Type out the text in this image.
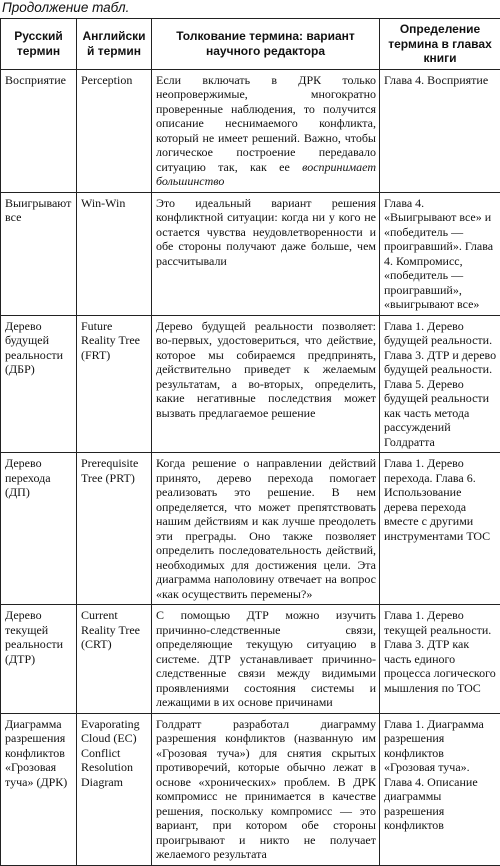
Продолжение табл.
Русский термин	Английский термин	Толкование термина: вариант научного редактора	Определение термина в главах книги
Восприятие	Perception	Если включать в ДРК только неопровержимые, многократно проверенные наблюдения, то получится описание неснимаемого конфликта, который не имеет решений. Важно, чтобы логическое построение передавало ситуацию так, как ее воспринимает большинство	Глава 4. Восприятие
Выигрывают все	Win-Win	Это идеальный вариант решения конфликтной ситуации: когда ни у кого не остается чувства неудовлетворенности и обе стороны получают даже больше, чем рассчитывали	Глава 4. «Выигрывают все» и «победитель — проигравший». Глава 4. Компромисс, «победитель — проигравший», «выигрывают все»
Дерево будущей реальности (ДБР)	Future Reality Tree (FRT)	Дерево будущей реальности позволяет: во-первых, удостовериться, что действие, которое мы собираемся предпринять, действительно приведет к желаемым результатам, а во-вторых, определить, какие негативные последствия может вызвать предлагаемое решение	Глава 1. Дерево будущей реальности. Глава 3. ДТР и дерево будущей реальности. Глава 5. Дерево будущей реальности как часть метода рассуждений Голдратта
Дерево перехода (ДП)	Prerequisite Tree (PRT)	Когда решение о направлении действий принято, дерево перехода помогает реализовать это решение. В нем определяется, что может препятствовать нашим действиям и как лучше преодолеть эти преграды. Оно также позволяет определить последовательность действий, необходимых для достижения цели. Эта диаграмма наполовину отвечает на вопрос «как осуществить перемены?»	Глава 1. Дерево перехода. Глава 6. Использование дерева перехода вместе с другими инструментами TOC
Дерево текущей реальности (ДТР)	Current Reality Tree (CRT)	С помощью ДТР можно изучить причинно-следственные связи, определяющие текущую ситуацию в системе. ДТР устанавливает причинно-следственные связи между видимыми проявлениями состояния системы и лежащими в их основе причинами	Глава 1. Дерево текущей реальности. Глава 3. ДТР как часть единого процесса логического мышления по TOC
Диаграмма разрешения конфликтов «Грозовая туча» (ДРК)	Evaporating Cloud (EC) Conflict Resolution Diagram	Голдратт разработал диаграмму разрешения конфликтов (названную им «Грозовая туча») для снятия скрытых противоречий, которые обычно лежат в основе «хронических» проблем. В ДРК компромисс не принимается в качестве решения, поскольку компромисс — это вариант, при котором обе стороны проигрывают и никто не получает желаемого результата	Глава 1. Диаграмма разрешения конфликтов «Грозовая туча». Глава 4. Описание диаграммы разрешения конфликтов
